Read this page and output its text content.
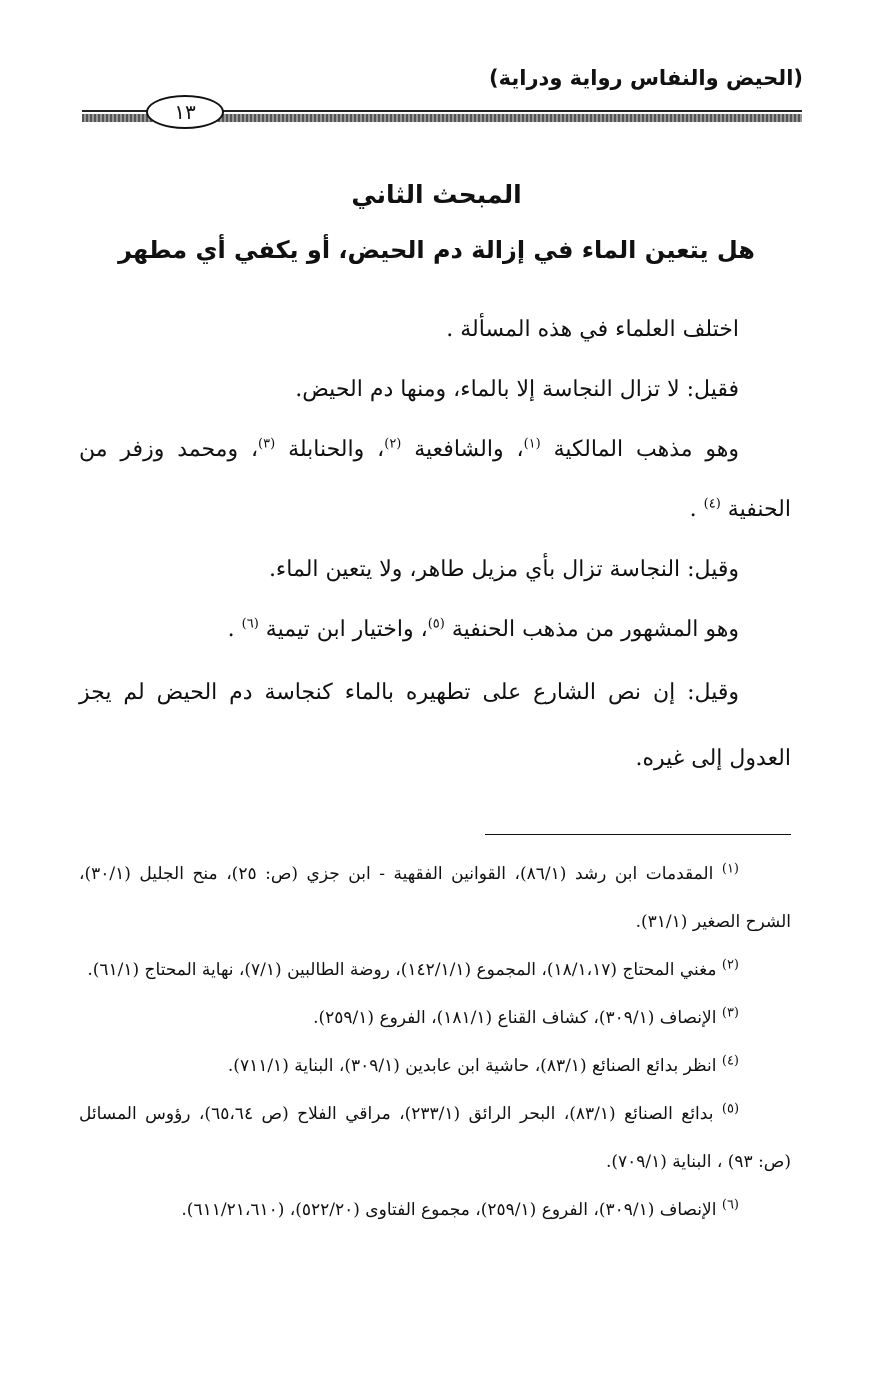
(الحيض والنفاس رواية ودراية)
١٣
المبحث الثاني
هل يتعين الماء في إزالة دم الحيض، أو يكفي أي مطهر

اختلف العلماء في هذه المسألة .

فقيل: لا تزال النجاسة إلا بالماء، ومنها دم الحيض.

وهو مذهب المالكية $^{(١)}$، والشافعية $^{(٢)}$، والحنابلة $^{(٣)}$، ومحمد وزفر من الحنفية $^{(٤)}$ .

وقيل: النجاسة تزال بأي مزيل طاهر، ولا يتعين الماء.

وهو المشهور من مذهب الحنفية $^{(٥)}$، واختيار ابن تيمية $^{(٦)}$ .

وقيل: إن نص الشارع على تطهيره بالماء كنجاسة دم الحيض لم يجز العدول إلى غيره.

$^{(١)}$ المقدمات ابن رشد (٨٦/١)، القوانين الفقهية - ابن جزي (ص: ٢٥)، منح الجليل (٣٠/١)، الشرح الصغير (٣١/١).

$^{(٢)}$ مغني المحتاج (١٨/١،١٧)، المجموع (١٤٢/١/١)، روضة الطالبين (٧/١)، نهاية المحتاج (٦١/١).

$^{(٣)}$ الإنصاف (٣٠٩/١)، كشاف القناع (١٨١/١)، الفروع (٢٥٩/١).

$^{(٤)}$ انظر بدائع الصنائع (٨٣/١)، حاشية ابن عابدين (٣٠٩/١)، البناية (٧١١/١).

$^{(٥)}$ بدائع الصنائع (٨٣/١)، البحر الرائق (٢٣٣/١)، مراقي الفلاح (ص ٦٥،٦٤)، رؤوس المسائل (ص: ٩٣) ، البناية (٧٠٩/١).

$^{(٦)}$ الإنصاف (٣٠٩/١)، الفروع (٢٥٩/١)، مجموع الفتاوى (٥٢٢/٢٠)، (٦١١/٢١،٦١٠).
